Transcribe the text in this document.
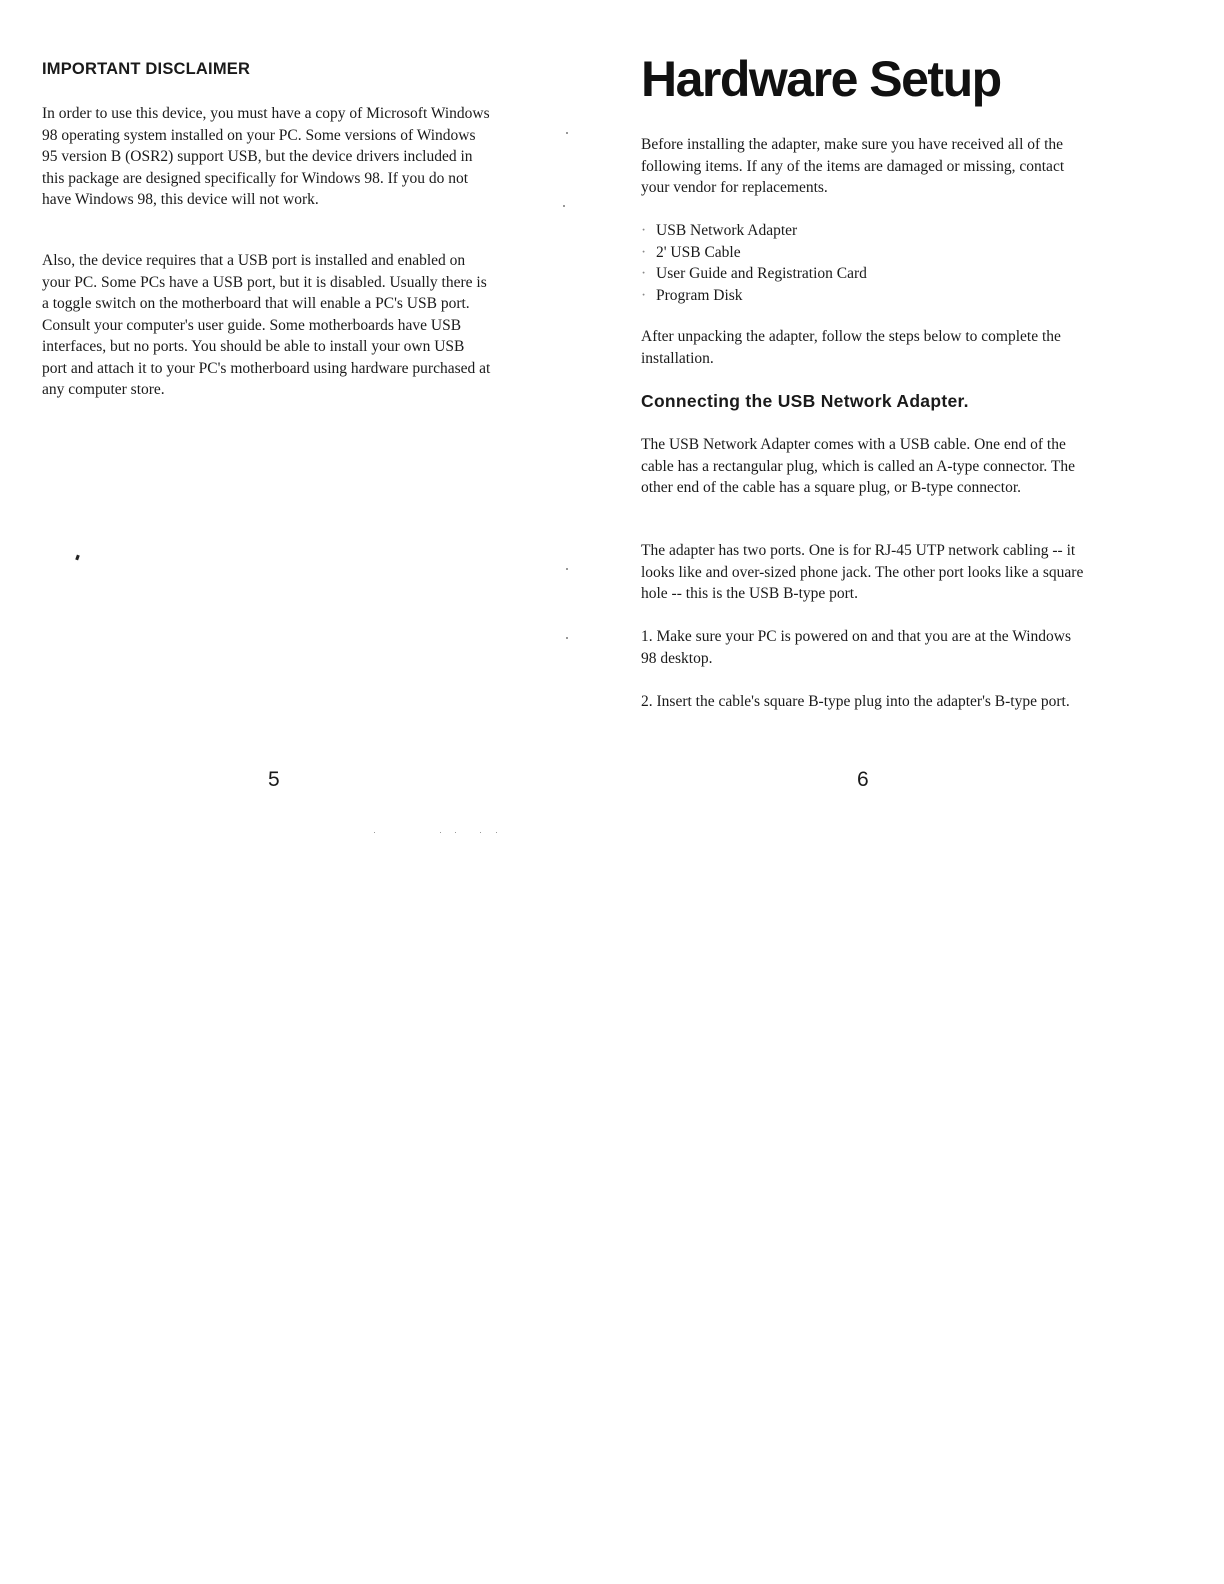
IMPORTANT DISCLAIMER

In order to use this device, you must have a copy of Microsoft Windows 98 operating system installed on your PC. Some versions of Windows 95 version B (OSR2) support USB, but the device drivers included in this package are designed specifically for Windows 98. If you do not have Windows 98, this device will not work.

Also, the device requires that a USB port is installed and enabled on your PC. Some PCs have a USB port, but it is disabled. Usually there is a toggle switch on the motherboard that will enable a PC's USB port. Consult your computer's user guide. Some motherboards have USB interfaces, but no ports. You should be able to install your own USB port and attach it to your PC's motherboard using hardware purchased at any computer store.

Hardware Setup

Before installing the adapter, make sure you have received all of the following items. If any of the items are damaged or missing, contact your vendor for replacements.

· USB Network Adapter
· 2' USB Cable
· User Guide and Registration Card
· Program Disk

After unpacking the adapter, follow the steps below to complete the installation.

Connecting the USB Network Adapter.

The USB Network Adapter comes with a USB cable. One end of the cable has a rectangular plug, which is called an A-type connector. The other end of the cable has a square plug, or B-type connector.

The adapter has two ports. One is for RJ-45 UTP network cabling -- it looks like and over-sized phone jack. The other port looks like a square hole -- this is the USB B-type port.

1. Make sure your PC is powered on and that you are at the Windows 98 desktop.

2. Insert the cable's square B-type plug into the adapter's B-type port.

5	6
